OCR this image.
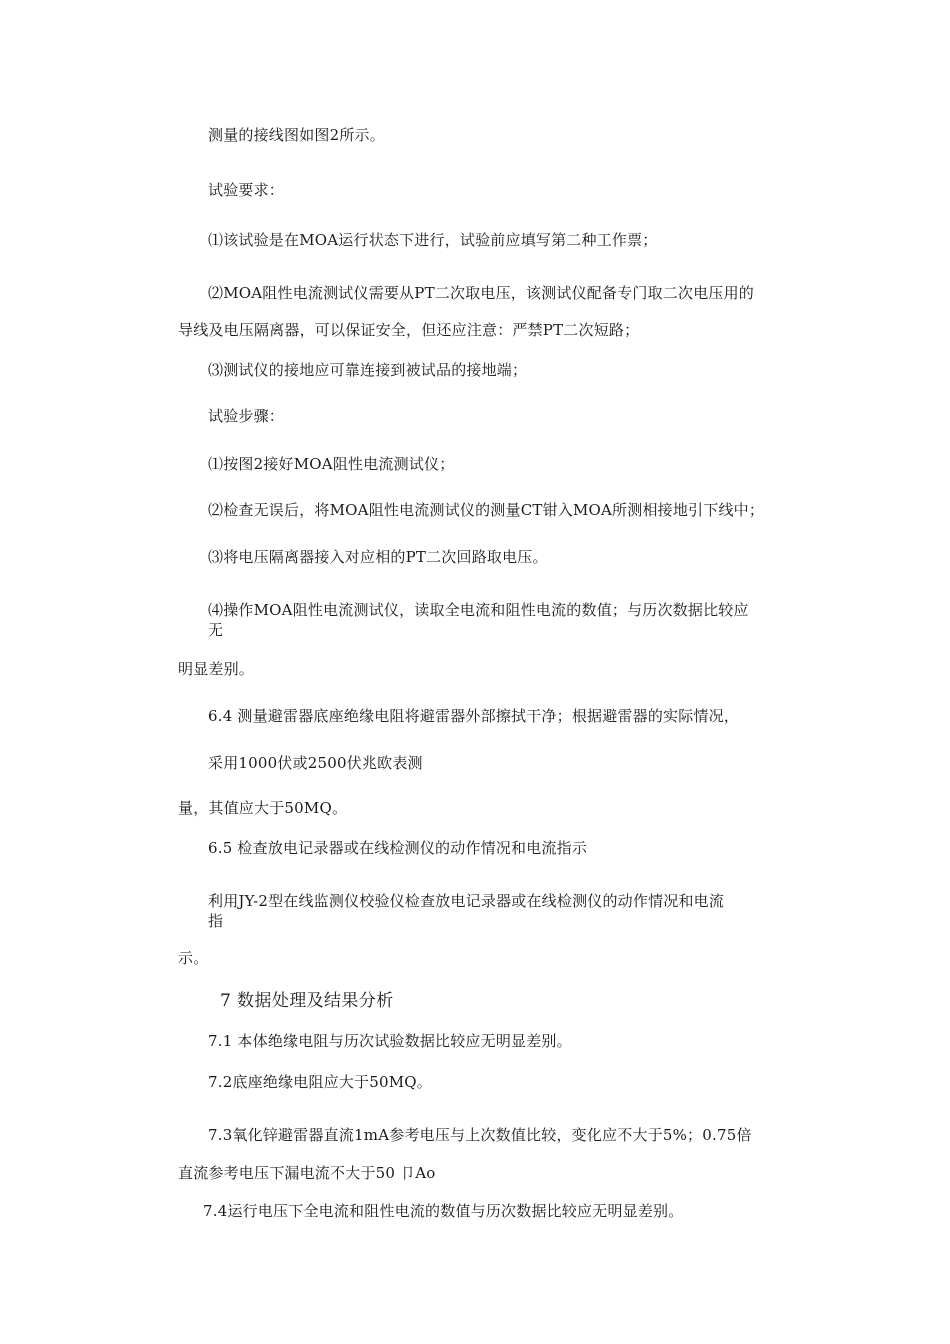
测量的接线图如图2所示。
试验要求：
⑴该试验是在MOA运行状态下进行，试验前应填写第二种工作票；
⑵MOA阻性电流测试仪需要从PT二次取电压，该测试仪配备专门取二次电压用的
导线及电压隔离器，可以保证安全，但还应注意：严禁PT二次短路；
⑶测试仪的接地应可靠连接到被试品的接地端；
试验步骤：
⑴按图2接好MOA阻性电流测试仪；
⑵检查无误后，将MOA阻性电流测试仪的测量CT钳入MOA所测相接地引下线中；
⑶将电压隔离器接入对应相的PT二次回路取电压。
⑷操作MOA阻性电流测试仪，读取全电流和阻性电流的数值；与历次数据比较应
无
明显差别。
6.4 测量避雷器底座绝缘电阻将避雷器外部擦拭干净；根据避雷器的实际情况，
采用1000伏或2500伏兆欧表测
量，其值应大于50MQ。
6.5 检查放电记录器或在线检测仪的动作情况和电流指示
利用JY-2型在线监测仪校验仪检查放电记录器或在线检测仪的动作情况和电流
指
示。
7 数据处理及结果分析
7.1 本体绝缘电阻与历次试验数据比较应无明显差别。
7.2底座绝缘电阻应大于50MQ。
7.3氧化锌避雷器直流1mA参考电压与上次数值比较，变化应不大于5%；0.75倍
直流参考电压下漏电流不大于50 卩Ao
7.4运行电压下全电流和阻性电流的数值与历次数据比较应无明显差别。
